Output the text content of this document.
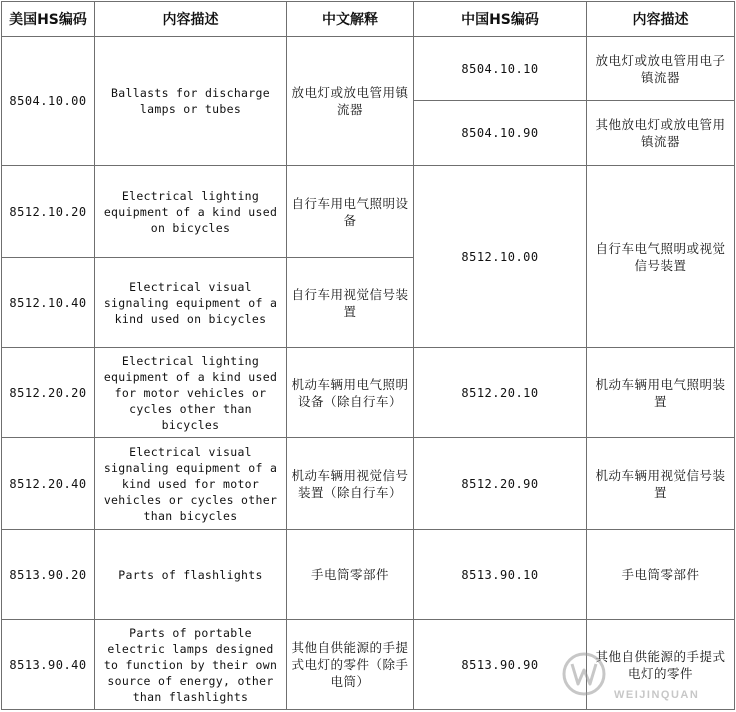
美国HS编码	内容描述	中文解释	中国HS编码	内容描述
8504.10.00	Ballasts for discharge lamps or tubes	放电灯或放电管用镇流器	8504.10.10	放电灯或放电管用电子镇流器
			8504.10.90	其他放电灯或放电管用镇流器
8512.10.20	Electrical lighting equipment of a kind used on bicycles	自行车用电气照明设备	8512.10.00	自行车电气照明或视觉信号装置
8512.10.40	Electrical visual signaling equipment of a kind used on bicycles	自行车用视觉信号装置		
8512.20.20	Electrical lighting equipment of a kind used for motor vehicles or cycles other than bicycles	机动车辆用电气照明设备（除自行车）	8512.20.10	机动车辆用电气照明装置
8512.20.40	Electrical visual signaling equipment of a kind used for motor vehicles or cycles other than bicycles	机动车辆用视觉信号装置（除自行车）	8512.20.90	机动车辆用视觉信号装置
8513.90.20	Parts of flashlights	手电筒零部件	8513.90.10	手电筒零部件
8513.90.40	Parts of portable electric lamps designed to function by their own source of energy, other than flashlights	其他自供能源的手提式电灯的零件（除手电筒）	8513.90.90	其他自供能源的手提式电灯的零件
WEIJINQUAN
